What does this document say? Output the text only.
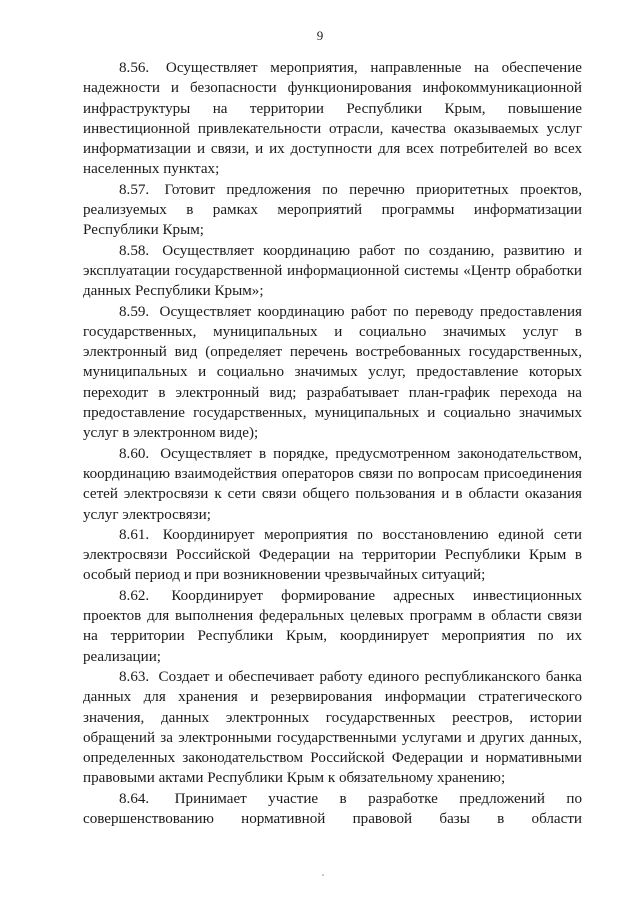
9

8.56. Осуществляет мероприятия, направленные на обеспечение надежности и безопасности функционирования инфокоммуникационной инфраструктуры на территории Республики Крым, повышение инвестиционной привлекательности отрасли, качества оказываемых услуг информатизации и связи, и их доступности для всех потребителей во всех населенных пунктах;

8.57. Готовит предложения по перечню приоритетных проектов, реализуемых в рамках мероприятий программы информатизации Республики Крым;

8.58. Осуществляет координацию работ по созданию, развитию и эксплуатации государственной информационной системы «Центр обработки данных Республики Крым»;

8.59. Осуществляет координацию работ по переводу предоставления государственных, муниципальных и социально значимых услуг в электронный вид (определяет перечень востребованных государственных, муниципальных и социально значимых услуг, предоставление которых переходит в электронный вид; разрабатывает план-график перехода на предоставление государственных, муниципальных и социально значимых услуг в электронном виде);

8.60. Осуществляет в порядке, предусмотренном законодательством, координацию взаимодействия операторов связи по вопросам присоединения сетей электросвязи к сети связи общего пользования и в области оказания услуг электросвязи;

8.61. Координирует мероприятия по восстановлению единой сети электросвязи Российской Федерации на территории Республики Крым в особый период и при возникновении чрезвычайных ситуаций;

8.62. Координирует формирование адресных инвестиционных проектов для выполнения федеральных целевых программ в области связи на территории Республики Крым, координирует мероприятия по их реализации;

8.63. Создает и обеспечивает работу единого республиканского банка данных для хранения и резервирования информации стратегического значения, данных электронных государственных реестров, истории обращений за электронными государственными услугами и других данных, определенных законодательством Российской Федерации и нормативными правовыми актами Республики Крым к обязательному хранению;

8.64. Принимает участие в разработке предложений по совершенствованию нормативной правовой базы в области
